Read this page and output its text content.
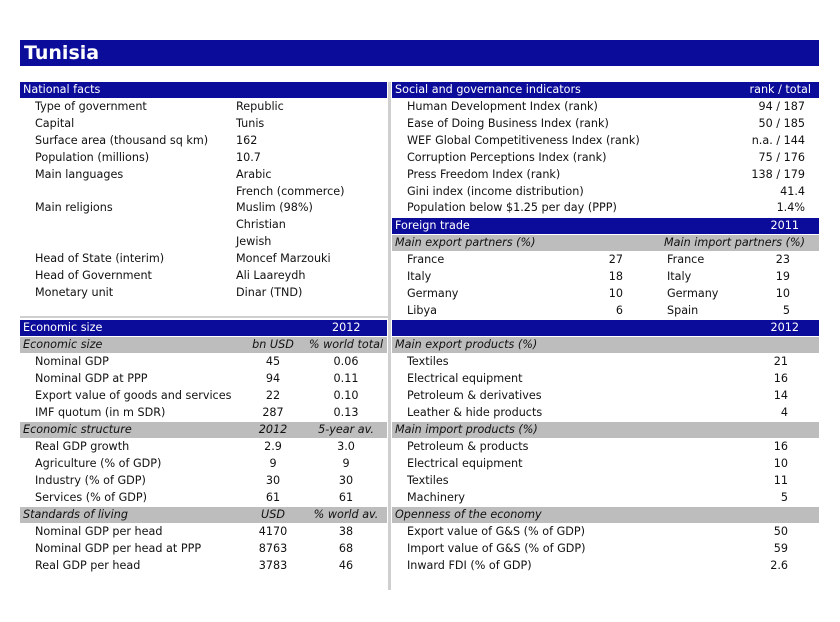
Tunisia
National facts
Type of government	Republic
Capital	Tunis
Surface area (thousand sq km)	162
Population (millions)	10.7
Main languages	Arabic
French (commerce)
Main religions	Muslim (98%)
Christian
Jewish
Head of State (interim)	Moncef Marzouki
Head of Government	Ali Laareydh
Monetary unit	Dinar (TND)
Social and governance indicators	rank / total
Human Development Index (rank)	94 / 187
Ease of Doing Business Index (rank)	50 / 185
WEF Global Competitiveness Index (rank)	n.a. / 144
Corruption Perceptions Index (rank)	75 / 176
Press Freedom Index (rank)	138 / 179
Gini index (income distribution)	41.4
Population below $1.25 per day (PPP)	1.4%
Foreign trade	2011
Main export partners (%)	Main import partners (%)
France	27	France	23
Italy	18	Italy	19
Germany	10	Germany	10
Libya	6	Spain	5
Economic size	2012	2012
Economic size	bn USD	% world total
Nominal GDP	45	0.06
Nominal GDP at PPP	94	0.11
Export value of goods and services	22	0.10
IMF quotum (in m SDR)	287	0.13
Economic structure	2012	5-year av.
Real GDP growth	2.9	3.0
Agriculture (% of GDP)	9	9
Industry (% of GDP)	30	30
Services (% of GDP)	61	61
Standards of living	USD	% world av.
Nominal GDP per head	4170	38
Nominal GDP per head at PPP	8763	68
Real GDP per head	3783	46
Main export products (%)
Textiles	21
Electrical equipment	16
Petroleum & derivatives	14
Leather & hide products	4
Main import products (%)
Petroleum & products	16
Electrical equipment	10
Textiles	11
Machinery	5
Openness of the economy
Export value of G&S (% of GDP)	50
Import value of G&S (% of GDP)	59
Inward FDI (% of GDP)	2.6
